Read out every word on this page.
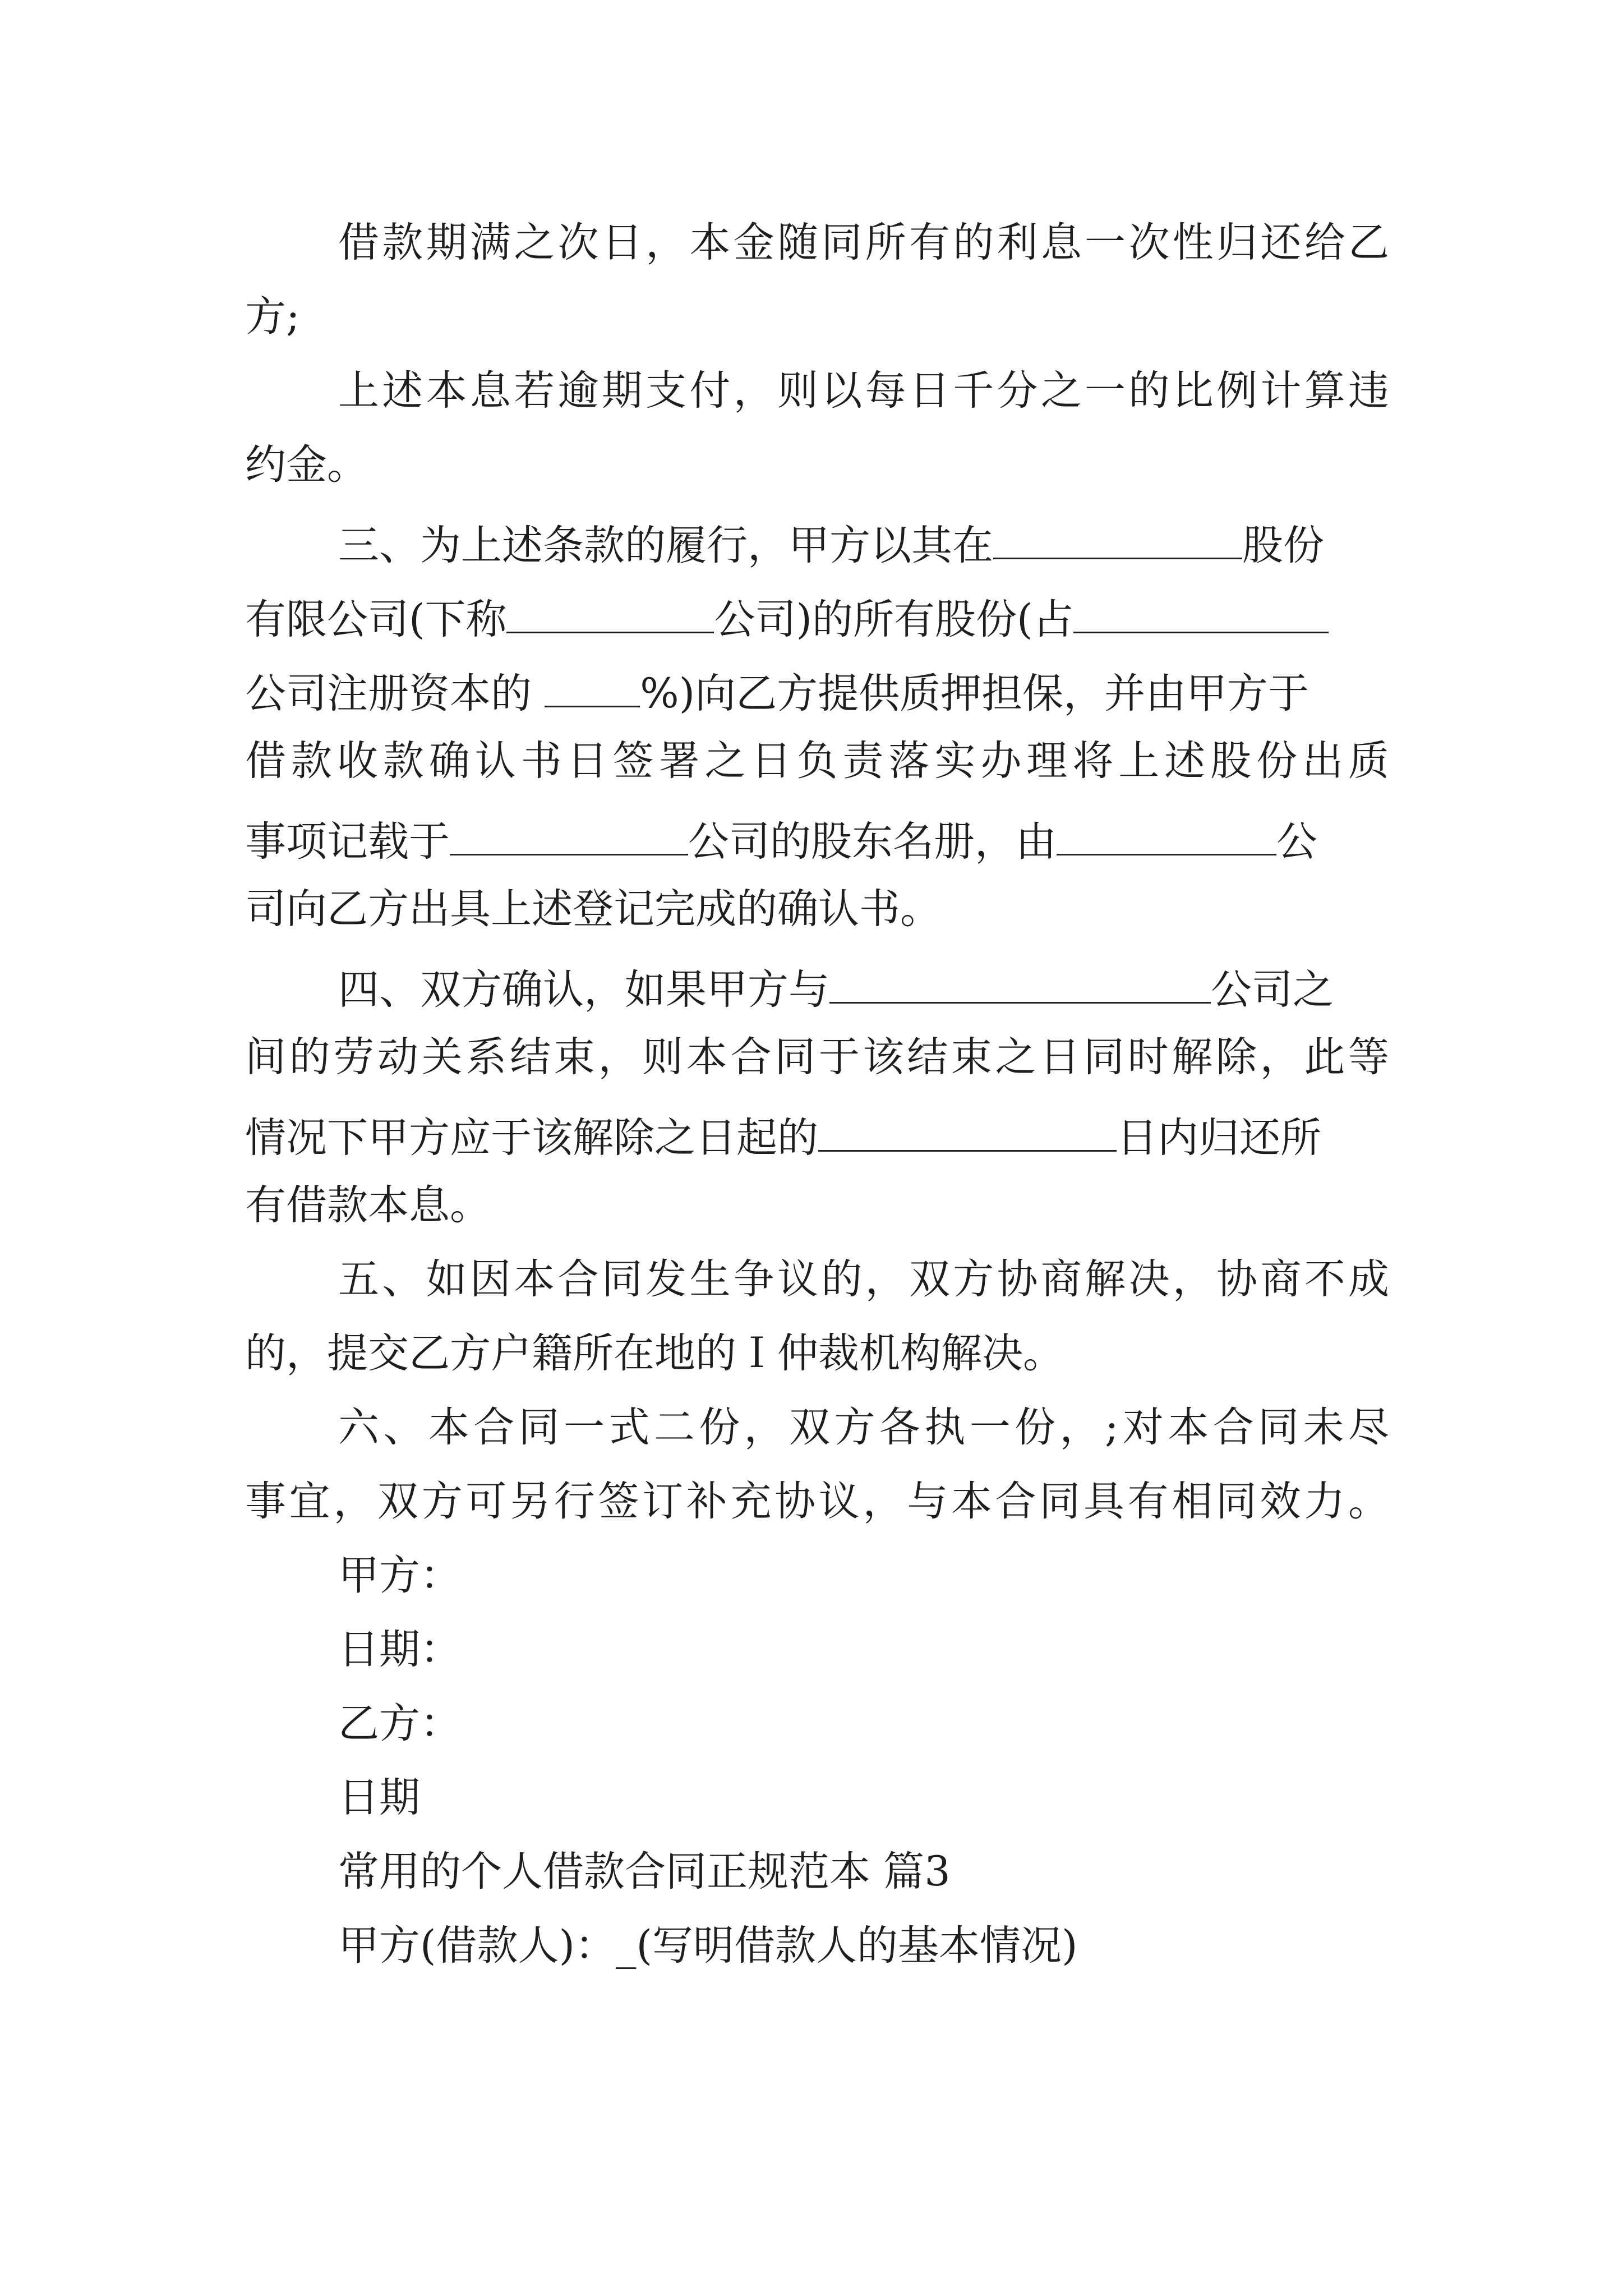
借款期满之次日，本金随同所有的利息一次性归还给乙
方;
上述本息若逾期支付，则以每日千分之一的比例计算违
约金。
三、为上述条款的履行，甲方以其在	股份
有限公司(下称	公司)的所有股份(占
公司注册资本的 %)向乙方提供质押担保，并由甲方于
借款收款确认书日签署之日负责落实办理将上述股份出质
事项记载于	公司的股东名册，由	公
司向乙方出具上述登记完成的确认书。
四、双方确认，如果甲方与	公司之
间的劳动关系结束，则本合同于该结束之日同时解除，此等
情况下甲方应于该解除之日起的	日内归还所
有借款本息。
五、如因本合同发生争议的，双方协商解决，协商不成
的，提交乙方户籍所在地的Ｉ仲裁机构解决。
六、本合同一式二份，双方各执一份，;对本合同未尽
事宜，双方可另行签订补充协议，与本合同具有相同效力。
甲方：
日期：
乙方：
日期
常用的个人借款合同正规范本 篇3
甲方(借款人)：_(写明借款人的基本情况)
